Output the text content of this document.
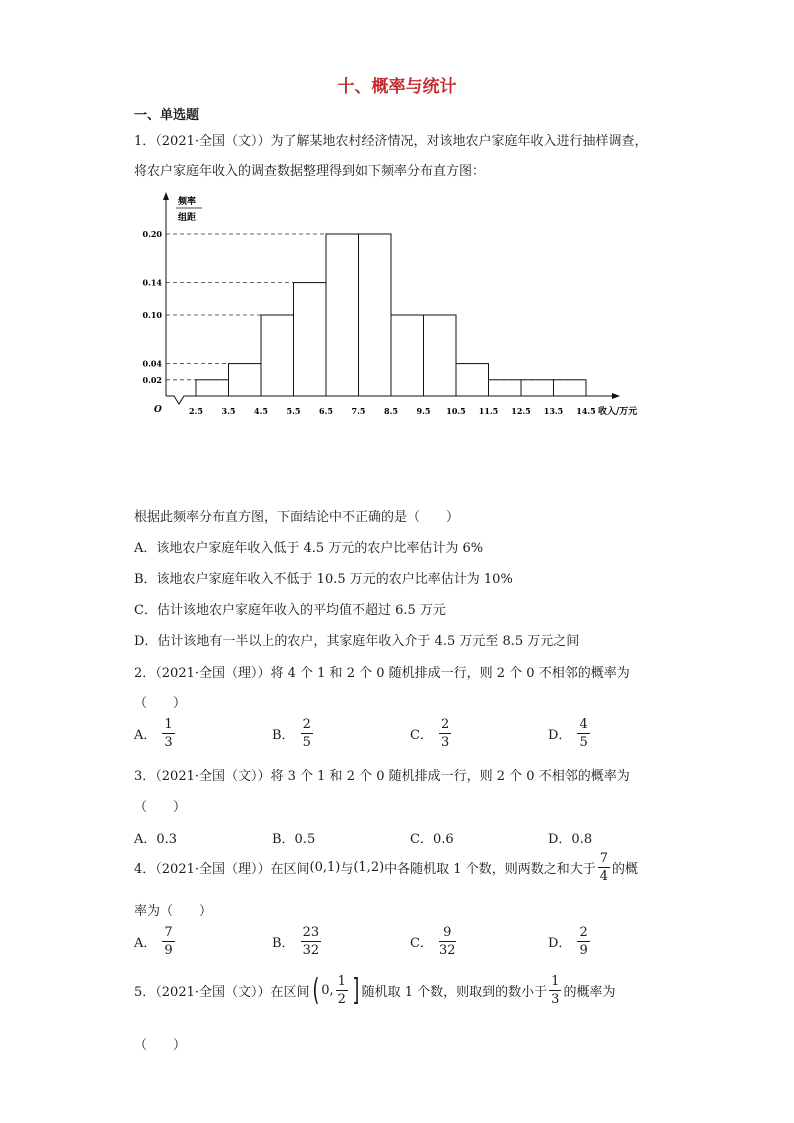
十、概率与统计
一、单选题
1．（2021·全国（文））为了解某地农村经济情况，对该地农户家庭年收入进行抽样调查，
将农户家庭年收入的调查数据整理得到如下频率分布直方图：
0.20
0.14
0.10
0.04
0.02
2.5 3.5 4.5 5.5 6.5 7.5 8.5 9.5 10.5 11.5 12.5 13.5 14.5
O	收入/万元
频率
组距
根据此频率分布直方图，下面结论中不正确的是（　　）
A．该地农户家庭年收入低于 4.5 万元的农户比率估计为 6%
B．该地农户家庭年收入不低于 10.5 万元的农户比率估计为 10%
C．估计该地农户家庭年收入的平均值不超过 6.5 万元
D．估计该地有一半以上的农户，其家庭年收入介于 4.5 万元至 8.5 万元之间
2．（2021·全国（理））将 4 个 1 和 2 个 0 随机排成一行，则 2 个 0 不相邻的概率为
（　　）
A． $\frac{1}{3}$	B． $\frac{2}{5}$	C． $\frac{2}{3}$	D． $\frac{4}{5}$
3．（2021·全国（文））将 3 个 1 和 2 个 0 随机排成一行，则 2 个 0 不相邻的概率为
（　　）
A．0.3	B．0.5	C．0.6	D．0.8
4．（2021·全国（理））在区间 (0,1) 与 (1,2) 中各随机取 1 个数，则两数之和大于 $\frac{7}{4}$ 的概
率为（　　）
A． $\frac{7}{9}$	B． $\frac{23}{32}$	C． $\frac{9}{32}$	D． $\frac{2}{9}$
5．（2021·全国（文））在区间 ( 0, $\frac{1}{2}$ ] 随机取 1 个数，则取到的数小于 $\frac{1}{3}$ 的概率为
（　　）
